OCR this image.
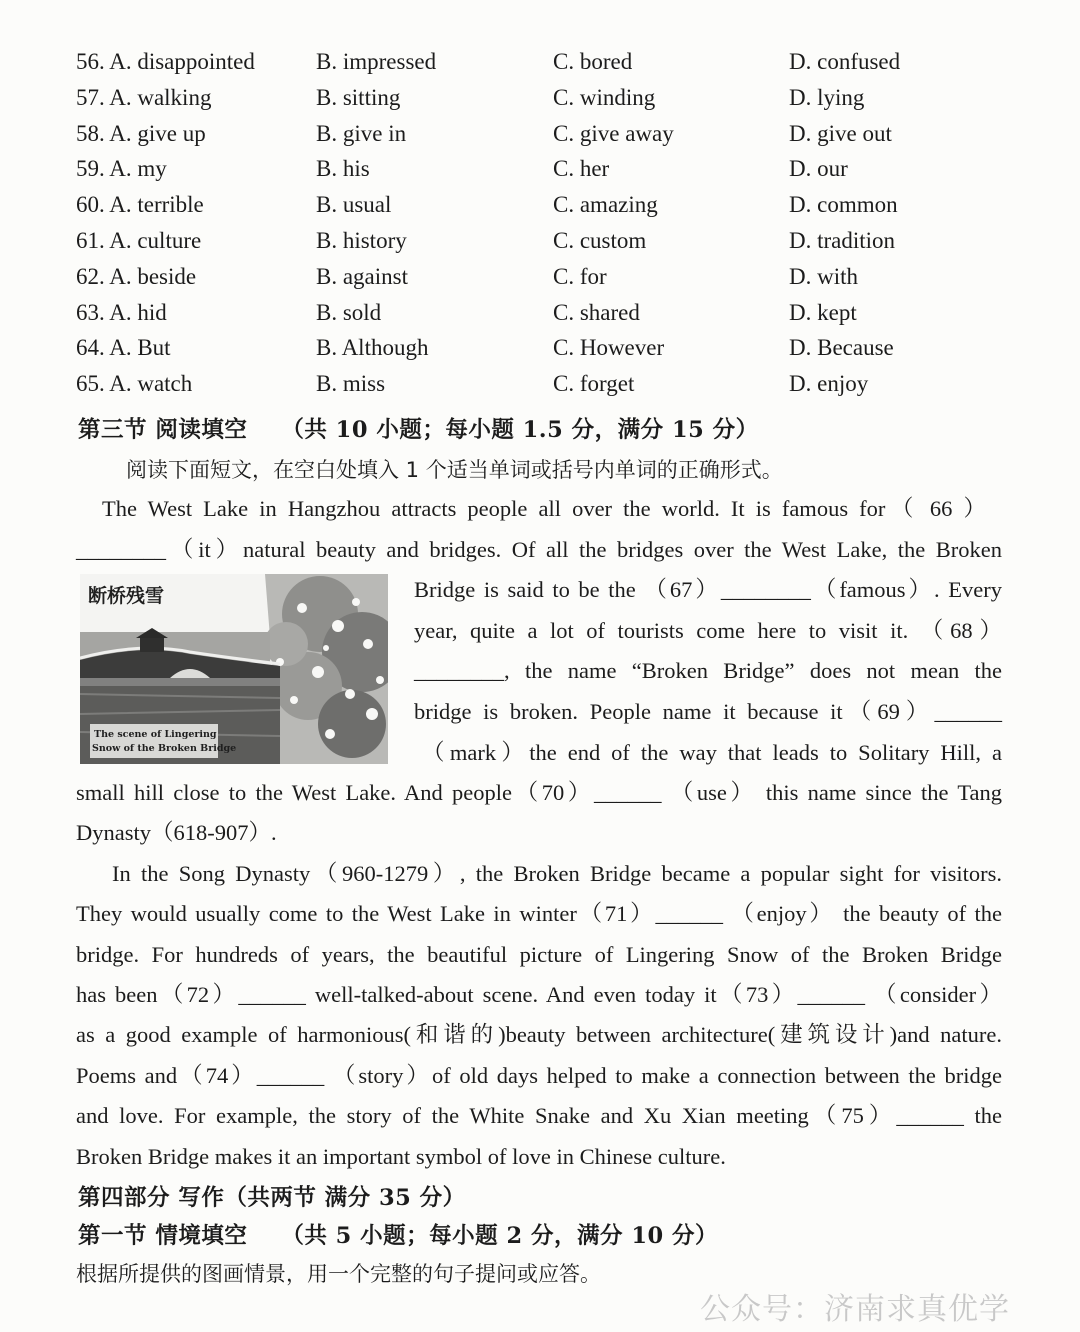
56. A. disappointed	B. impressed	C. bored	D. confused
57. A. walking	B. sitting	C. winding	D. lying
58. A. give up	B. give in	C. give away	D. give out
59. A. my	B. his	C. her	D. our
60. A. terrible	B. usual	C. amazing	D. common
61. A. culture	B. history	C. custom	D. tradition
62. A. beside	B. against	C. for	D. with
63. A. hid	B. sold	C. shared	D. kept
64. A. But	B. Although	C. However	D. Because
65. A. watch	B. miss	C. forget	D. enjoy
第三节 阅读填空 （共 10 小题；每小题 1.5 分，满分 15 分）
阅读下面短文，在空白处填入 1 个适当单词或括号内单词的正确形式。
The West Lake in Hangzhou attracts people all over the world. It is famous for（ 66 ）
________（it）natural beauty and bridges. Of all the bridges over the West Lake, the Broken
断桥残雪
The scene of Lingering
Snow of the Broken Bridge
Bridge is said to be the （67）________（famous）. Every
year, quite a lot of tourists come here to visit it. （68）
________, the name “Broken Bridge” does not mean the
bridge is broken. People name it because it（69）______
（mark）the end of the way that leads to Solitary Hill, a
small hill close to the West Lake. And people（70）______ （use） this name since the Tang
Dynasty（618-907）.
In the Song Dynasty（960-1279）, the Broken Bridge became a popular sight for visitors.
They would usually come to the West Lake in winter（71）______ （enjoy） the beauty of the
bridge. For hundreds of years, the beautiful picture of Lingering Snow of the Broken Bridge
has been（72）______ well-talked-about scene. And even today it（73）______ （consider）
as a good example of harmonious(和谐的)beauty between architecture(建筑设计)and nature.
Poems and（74）______ （story）of old days helped to make a connection between the bridge
and love. For example, the story of the White Snake and Xu Xian meeting（75）______ the
Broken Bridge makes it an important symbol of love in Chinese culture.
第四部分 写作（共两节 满分 35 分）
第一节 情境填空 （共 5 小题；每小题 2 分，满分 10 分）
根据所提供的图画情景，用一个完整的句子提问或应答。
公众号：济南求真优学
